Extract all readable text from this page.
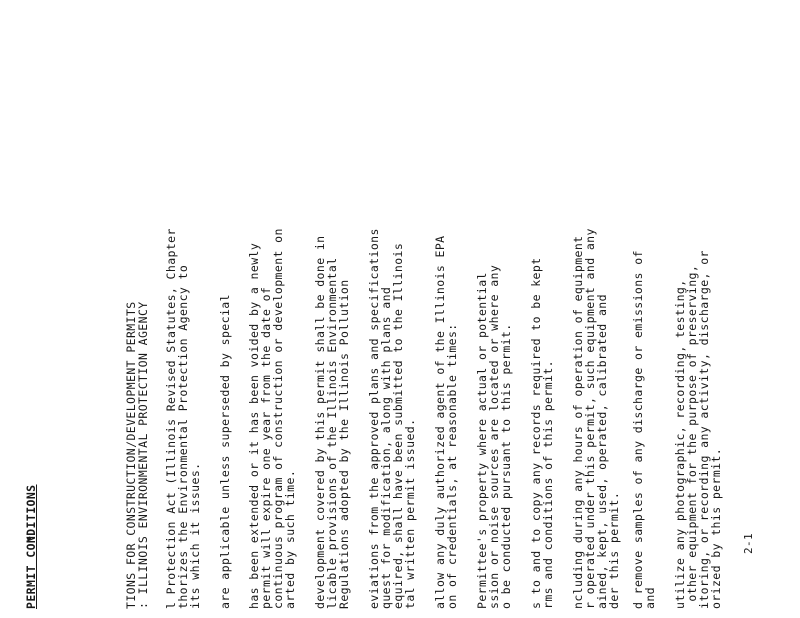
PERMIT CONDITIONS	TIONS FOR CONSTRUCTION/DEVELOPMENT PERMITS
: ILLINOIS ENVIRONMENTAL PROTECTION AGENCY l Protection Act (Illinois Revised Statutes, Chapter
thorizes the Environmental Protection Agency to
its which it issues. are applicable unless superseded by special has been extended or it has been voided by a newly
permit will expire one year from the date of
continuous program of construction or development on
arted by such time. development covered by this permit shall be done in
licable provisions of the Illinois Environmental
Regulations adopted by the Illinois Pollution eviations from the approved plans and specifications
quest for modification, along with plans and
equired, shall have been submitted to the Illinois
tal written permit issued. allow any duly authorized agent of the Illinois EPA
on of credentials, at reasonable times: Permittee's property where actual or potential
ssion or noise sources are located or where any
o be conducted pursuant to this permit. s to and to copy any records required to be kept
rms and conditions of this permit. ncluding during any hours of operation of equipment
r operated under this permit, such equipment and any
ained, kept, used, operated, calibrated and
der this permit. d remove samples of any discharge or emissions of
and utilize any photographic, recording, testing,
other equipment for the purpose of preserving,
itoring, or recording any activity, discharge, or
orized by this permit. 2-1
